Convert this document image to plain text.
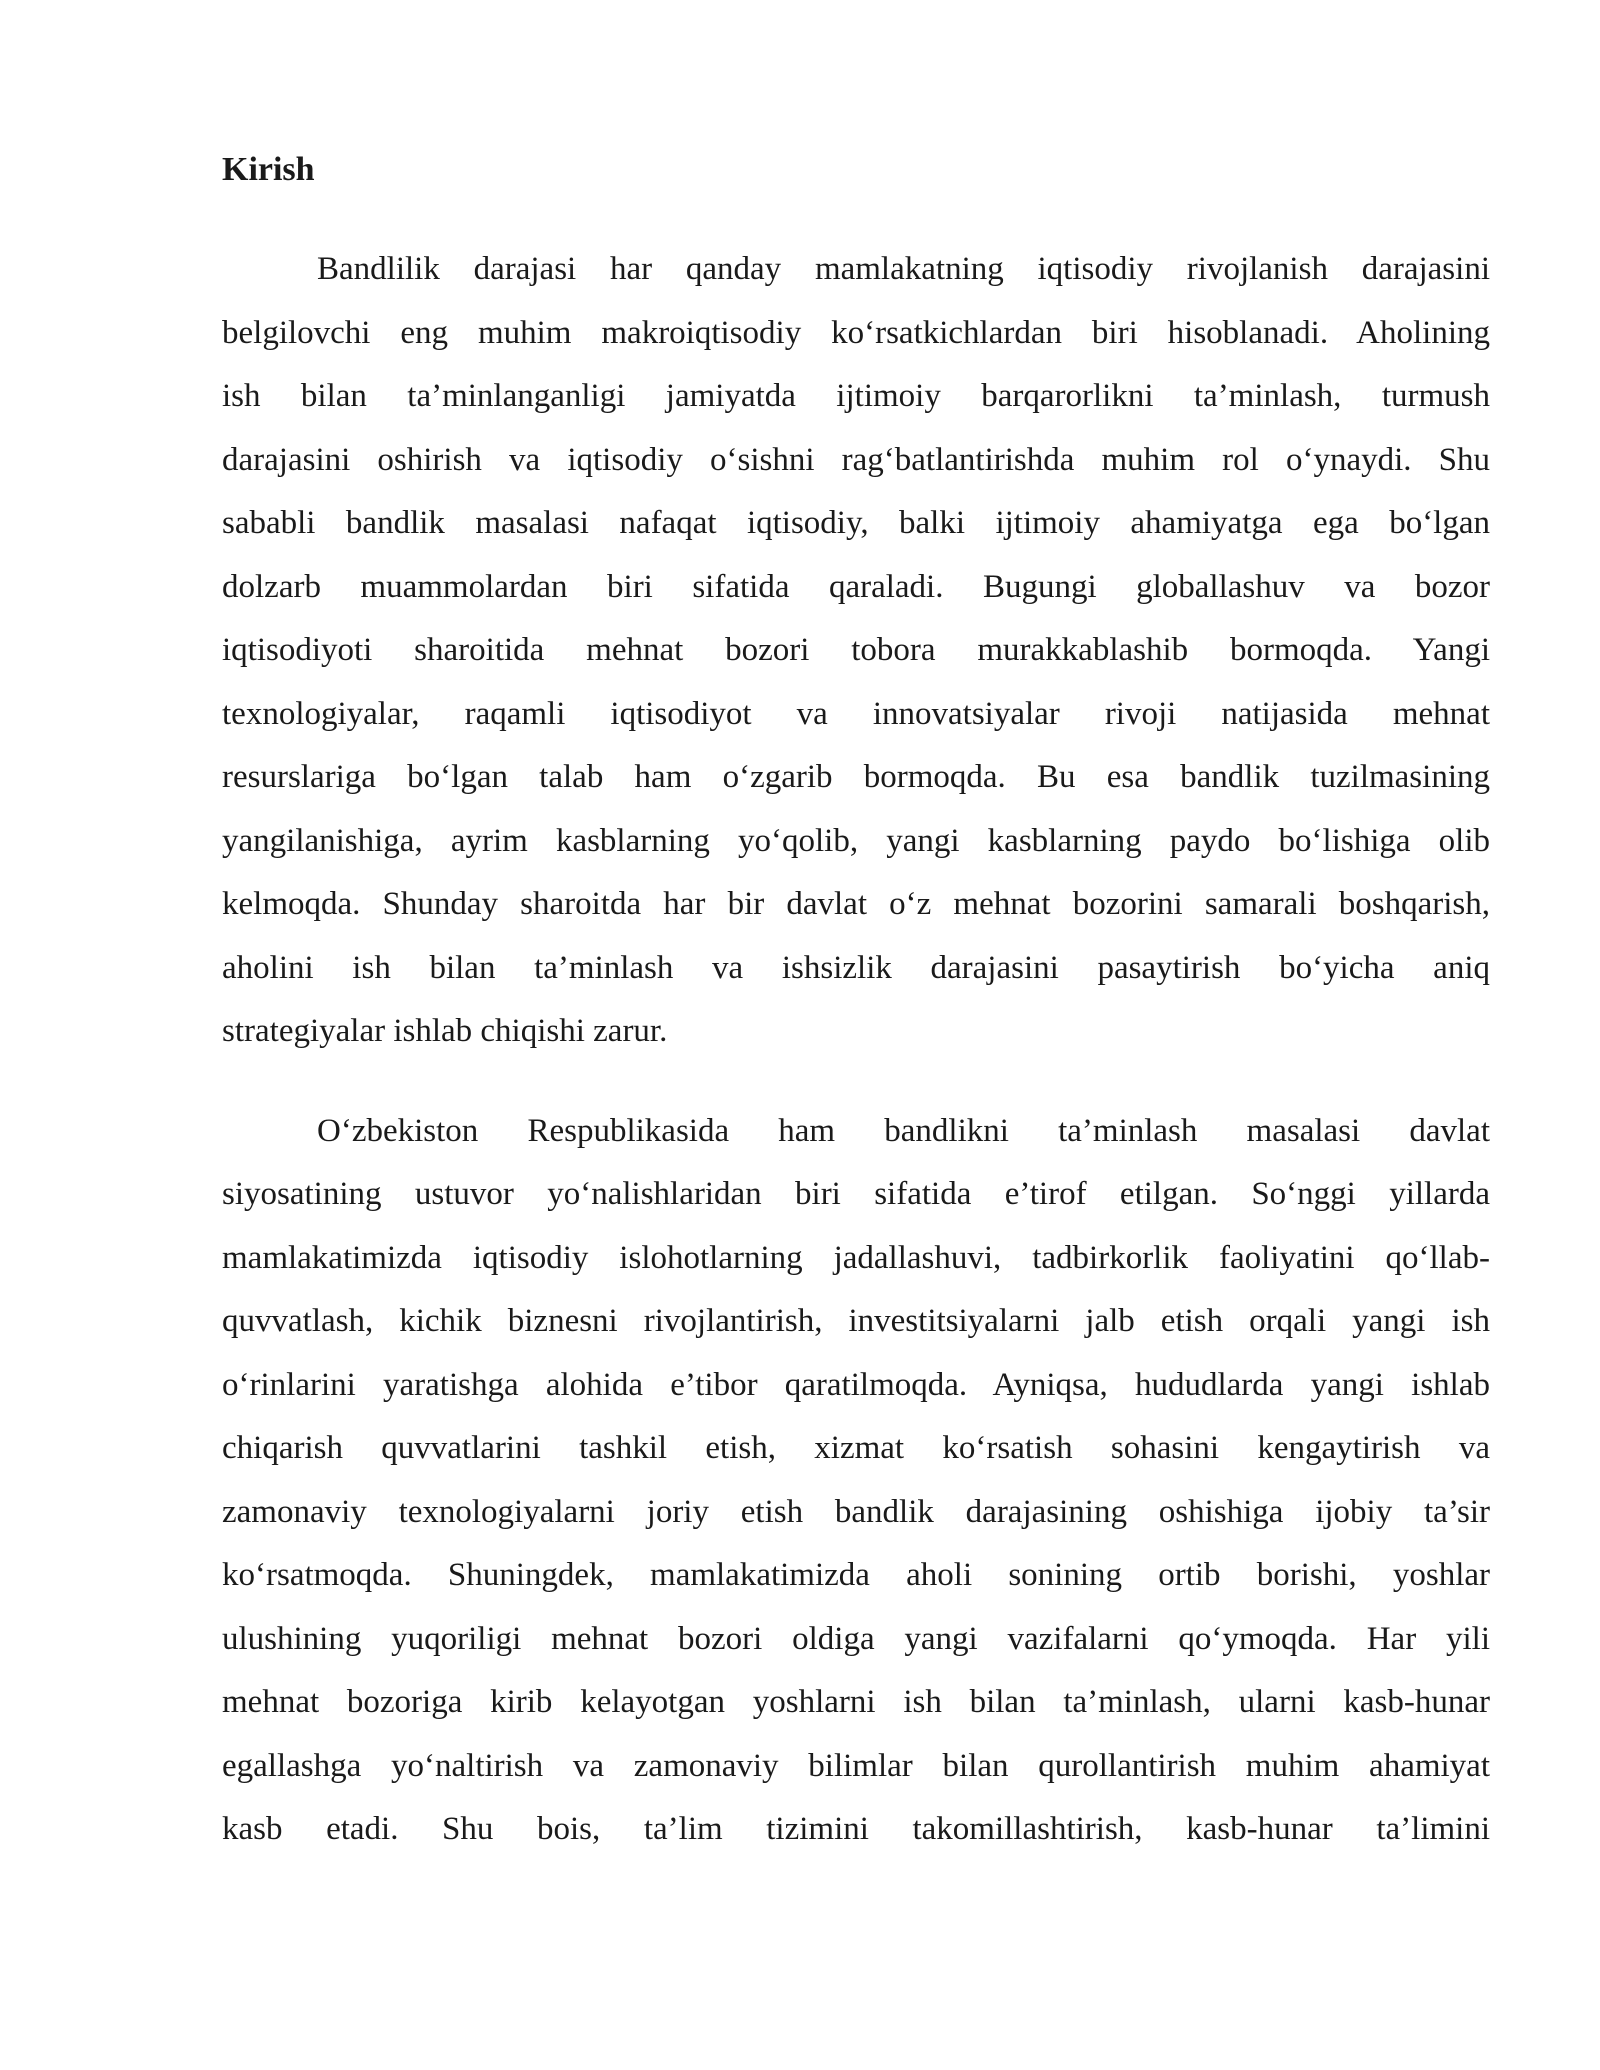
Kirish
Bandlilik darajasi har qanday mamlakatning iqtisodiy rivojlanish darajasini
belgilovchi eng muhim makroiqtisodiy ko‘rsatkichlardan biri hisoblanadi. Aholining
ish bilan ta’minlanganligi jamiyatda ijtimoiy barqarorlikni ta’minlash, turmush
darajasini oshirish va iqtisodiy o‘sishni rag‘batlantirishda muhim rol o‘ynaydi. Shu
sababli bandlik masalasi nafaqat iqtisodiy, balki ijtimoiy ahamiyatga ega bo‘lgan
dolzarb muammolardan biri sifatida qaraladi. Bugungi globallashuv va bozor
iqtisodiyoti sharoitida mehnat bozori tobora murakkablashib bormoqda. Yangi
texnologiyalar, raqamli iqtisodiyot va innovatsiyalar rivoji natijasida mehnat
resurslariga bo‘lgan talab ham o‘zgarib bormoqda. Bu esa bandlik tuzilmasining
yangilanishiga, ayrim kasblarning yo‘qolib, yangi kasblarning paydo bo‘lishiga olib
kelmoqda. Shunday sharoitda har bir davlat o‘z mehnat bozorini samarali boshqarish,
aholini ish bilan ta’minlash va ishsizlik darajasini pasaytirish bo‘yicha aniq
strategiyalar ishlab chiqishi zarur.
O‘zbekiston Respublikasida ham bandlikni ta’minlash masalasi davlat
siyosatining ustuvor yo‘nalishlaridan biri sifatida e’tirof etilgan. So‘nggi yillarda
mamlakatimizda iqtisodiy islohotlarning jadallashuvi, tadbirkorlik faoliyatini qo‘llab-
quvvatlash, kichik biznesni rivojlantirish, investitsiyalarni jalb etish orqali yangi ish
o‘rinlarini yaratishga alohida e’tibor qaratilmoqda. Ayniqsa, hududlarda yangi ishlab
chiqarish quvvatlarini tashkil etish, xizmat ko‘rsatish sohasini kengaytirish va
zamonaviy texnologiyalarni joriy etish bandlik darajasining oshishiga ijobiy ta’sir
ko‘rsatmoqda. Shuningdek, mamlakatimizda aholi sonining ortib borishi, yoshlar
ulushining yuqoriligi mehnat bozori oldiga yangi vazifalarni qo‘ymoqda. Har yili
mehnat bozoriga kirib kelayotgan yoshlarni ish bilan ta’minlash, ularni kasb-hunar
egallashga yo‘naltirish va zamonaviy bilimlar bilan qurollantirish muhim ahamiyat
kasb etadi. Shu bois, ta’lim tizimini takomillashtirish, kasb-hunar ta’limini
